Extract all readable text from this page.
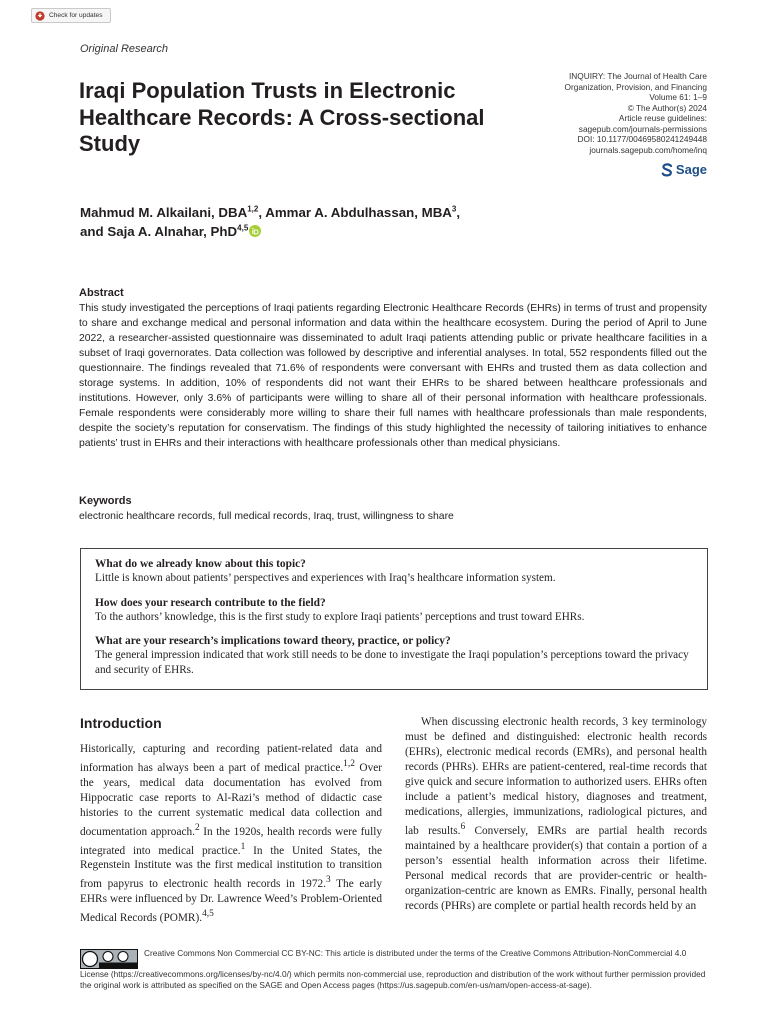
Check for updates
Original Research
Iraqi Population Trusts in Electronic Healthcare Records: A Cross-sectional Study
INQUIRY: The Journal of Health Care
Organization, Provision, and Financing
Volume 61: 1–9
© The Author(s) 2024
Article reuse guidelines:
sagepub.com/journals-permissions
DOI: 10.1177/00469580241249448
journals.sagepub.com/home/inq
Sage
Mahmud M. Alkailani, DBA$^{1,2}$, Ammar A. Abdulhassan, MBA$^3$,
and Saja A. Alnahar, PhD$^{4,5}$
Abstract

This study investigated the perceptions of Iraqi patients regarding Electronic Healthcare Records (EHRs) in terms of trust and propensity to share and exchange medical and personal information and data within the healthcare ecosystem. During the period of April to June 2022, a researcher-assisted questionnaire was disseminated to adult Iraqi patients attending public or private healthcare facilities in a subset of Iraqi governorates. Data collection was followed by descriptive and inferential analyses. In total, 552 respondents filled out the questionnaire. The findings revealed that 71.6% of respondents were conversant with EHRs and trusted them as data collection and storage systems. In addition, 10% of respondents did not want their EHRs to be shared between healthcare professionals and institutions. However, only 3.6% of participants were willing to share all of their personal information with healthcare professionals. Female respondents were considerably more willing to share their full names with healthcare professionals than male respondents, despite the society’s reputation for conservatism. The findings of this study highlighted the necessity of tailoring initiatives to enhance patients’ trust in EHRs and their interactions with healthcare professionals other than medical physicians.

Keywords
electronic healthcare records, full medical records, Iraq, trust, willingness to share
What do we already know about this topic?
Little is known about patients’ perspectives and experiences with Iraq’s healthcare information system.
How does your research contribute to the field?
To the authors’ knowledge, this is the first study to explore Iraqi patients’ perceptions and trust toward EHRs.
What are your research’s implications toward theory, practice, or policy?
The general impression indicated that work still needs to be done to investigate the Iraqi population’s perceptions toward the privacy and security of EHRs.
Introduction

Historically, capturing and recording patient-related data and information has always been a part of medical practice.$^{1,2}$ Over the years, medical data documentation has evolved from Hippocratic case reports to Al-Razi’s method of didactic case histories to the current systematic medical data collection and documentation approach.$^2$ In the 1920s, health records were fully integrated into medical practice.$^1$ In the United States, the Regenstein Institute was the first medical institution to transition from papyrus to electronic health records in 1972.$^3$ The early EHRs were influenced by Dr. Lawrence Weed’s Problem-Oriented Medical Records (POMR).$^{4,5}$

When discussing electronic health records, 3 key terminology must be defined and distinguished: electronic health records (EHRs), electronic medical records (EMRs), and personal health records (PHRs). EHRs are patient-centered, real-time records that give quick and secure information to authorized users. EHRs often include a patient’s medical history, diagnoses and treatment, medications, allergies, immunizations, radiological pictures, and lab results.$^6$ Conversely, EMRs are partial health records maintained by a healthcare provider(s) that contain a portion of a person’s essential health information across their lifetime. Personal medical records that are provider-centric or health-organization-centric are known as EMRs. Finally, personal health records (PHRs) are complete or partial health records held by an

Creative Commons Non Commercial CC BY-NC: This article is distributed under the terms of the Creative Commons Attribution-NonCommercial 4.0 License (https://creativecommons.org/licenses/by-nc/4.0/) which permits non-commercial use, reproduction and distribution of the work without further permission provided the original work is attributed as specified on the SAGE and Open Access pages (https://us.sagepub.com/en-us/nam/open-access-at-sage).
